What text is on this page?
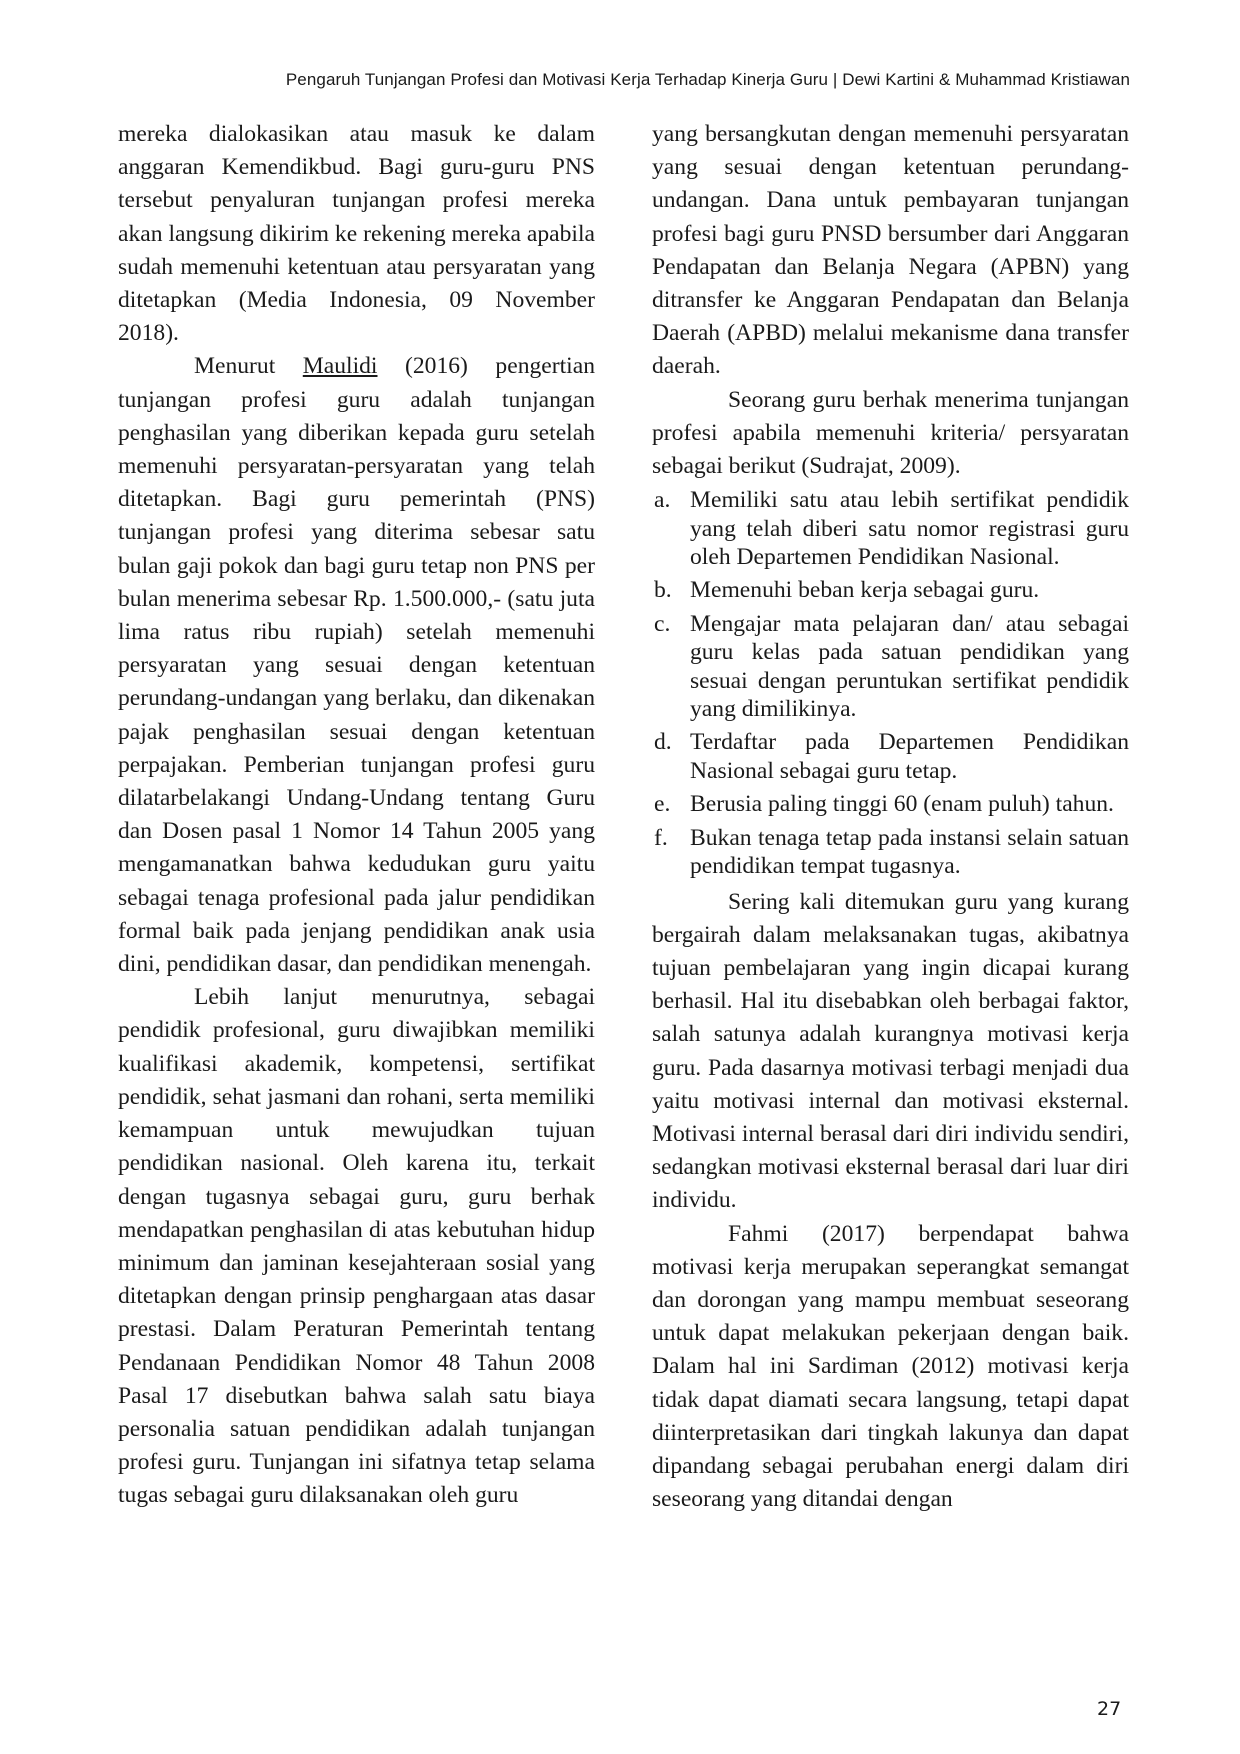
Pengaruh Tunjangan Profesi dan Motivasi Kerja Terhadap Kinerja Guru | Dewi Kartini & Muhammad Kristiawan

mereka dialokasikan atau masuk ke dalam anggaran Kemendikbud. Bagi guru-guru PNS tersebut penyaluran tunjangan profesi mereka akan langsung dikirim ke rekening mereka apabila sudah memenuhi ketentuan atau persyaratan yang ditetapkan (Media Indonesia, 09 November 2018).

Menurut Maulidi (2016) pengertian tunjangan profesi guru adalah tunjangan penghasilan yang diberikan kepada guru setelah memenuhi persyaratan-persyaratan yang telah ditetapkan. Bagi guru pemerintah (PNS) tunjangan profesi yang diterima sebesar satu bulan gaji pokok dan bagi guru tetap non PNS per bulan menerima sebesar Rp. 1.500.000,- (satu juta lima ratus ribu rupiah) setelah memenuhi persyaratan yang sesuai dengan ketentuan perundang-undangan yang berlaku, dan dikenakan pajak penghasilan sesuai dengan ketentuan perpajakan. Pemberian tunjangan profesi guru dilatarbelakangi Undang-Undang tentang Guru dan Dosen pasal 1 Nomor 14 Tahun 2005 yang mengamanatkan bahwa kedudukan guru yaitu sebagai tenaga profesional pada jalur pendidikan formal baik pada jenjang pendidikan anak usia dini, pendidikan dasar, dan pendidikan menengah.

Lebih lanjut menurutnya, sebagai pendidik profesional, guru diwajibkan memiliki kualifikasi akademik, kompetensi, sertifikat pendidik, sehat jasmani dan rohani, serta memiliki kemampuan untuk mewujudkan tujuan pendidikan nasional. Oleh karena itu, terkait dengan tugasnya sebagai guru, guru berhak mendapatkan penghasilan di atas kebutuhan hidup minimum dan jaminan kesejahteraan sosial yang ditetapkan dengan prinsip penghargaan atas dasar prestasi. Dalam Peraturan Pemerintah tentang Pendanaan Pendidikan Nomor 48 Tahun 2008 Pasal 17 disebutkan bahwa salah satu biaya personalia satuan pendidikan adalah tunjangan profesi guru. Tunjangan ini sifatnya tetap selama tugas sebagai guru dilaksanakan oleh guru

yang bersangkutan dengan memenuhi persyaratan yang sesuai dengan ketentuan perundang-undangan. Dana untuk pembayaran tunjangan profesi bagi guru PNSD bersumber dari Anggaran Pendapatan dan Belanja Negara (APBN) yang ditransfer ke Anggaran Pendapatan dan Belanja Daerah (APBD) melalui mekanisme dana transfer daerah.

Seorang guru berhak menerima tunjangan profesi apabila memenuhi kriteria/ persyaratan sebagai berikut (Sudrajat, 2009).

a. Memiliki satu atau lebih sertifikat pendidik yang telah diberi satu nomor registrasi guru oleh Departemen Pendidikan Nasional.
b. Memenuhi beban kerja sebagai guru.
c. Mengajar mata pelajaran dan/ atau sebagai guru kelas pada satuan pendidikan yang sesuai dengan peruntukan sertifikat pendidik yang dimilikinya.
d. Terdaftar pada Departemen Pendidikan Nasional sebagai guru tetap.
e. Berusia paling tinggi 60 (enam puluh) tahun.
f. Bukan tenaga tetap pada instansi selain satuan pendidikan tempat tugasnya.

Sering kali ditemukan guru yang kurang bergairah dalam melaksanakan tugas, akibatnya tujuan pembelajaran yang ingin dicapai kurang berhasil. Hal itu disebabkan oleh berbagai faktor, salah satunya adalah kurangnya motivasi kerja guru. Pada dasarnya motivasi terbagi menjadi dua yaitu motivasi internal dan motivasi eksternal. Motivasi internal berasal dari diri individu sendiri, sedangkan motivasi eksternal berasal dari luar diri individu.

Fahmi (2017) berpendapat bahwa motivasi kerja merupakan seperangkat semangat dan dorongan yang mampu membuat seseorang untuk dapat melakukan pekerjaan dengan baik. Dalam hal ini Sardiman (2012) motivasi kerja tidak dapat diamati secara langsung, tetapi dapat diinterpretasikan dari tingkah lakunya dan dapat dipandang sebagai perubahan energi dalam diri seseorang yang ditandai dengan

27
